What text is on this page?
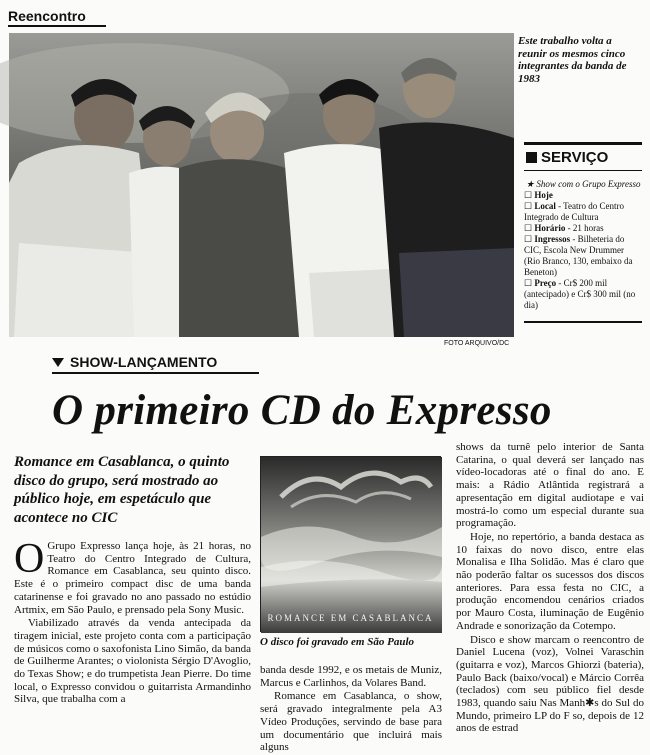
Reencontro
FOTO ARQUIVO/DC
Este trabalho volta a reunir os mesmos cinco integrantes da banda de 1983
SERVIÇO
★ Show com o Grupo Expresso
☐ Hoje
☐ Local - Teatro do Centro Integrado de Cultura
☐ Horário - 21 horas
☐ Ingressos - Bilheteria do CIC, Escola New Drummer (Rio Branco, 130, embaixo da Beneton)
☐ Preço - Cr$ 200 mil (antecipado) e Cr$ 300 mil (no dia)
SHOW-LANÇAMENTO
O primeiro CD do Expresso
Romance em Casablanca, o quinto disco do grupo, será mostrado ao público hoje, em espetáculo que acontece no CIC

O Grupo Expresso lança hoje, às 21 horas, no Teatro do Centro Integrado de Cultura, Romance em Casablanca, seu quinto disco. Este é o primeiro compact disc de uma banda catarinense e foi gravado no ano passado no estúdio Artmix, em São Paulo, e prensado pela Sony Music.

Viabilizado através da venda antecipada da tiragem inicial, este projeto conta com a participação de músicos como o saxofonista Lino Simão, da banda de Guilherme Arantes; o violonista Sérgio D'Avoglio, do Texas Show; e do trumpetista Jean Pierre. Do time local, o Expresso convidou o guitarrista Armandinho Silva, que trabalha com a

ROMANCE EM CASABLANCA
O disco foi gravado em São Paulo

banda desde 1992, e os metais de Muniz, Marcus e Carlinhos, da Volares Band.

Romance em Casablanca, o show, será gravado integralmente pela A3 Vídeo Produções, servindo de base para um documentário que incluirá mais alguns

shows da turnê pelo interior de Santa Catarina, o qual deverá ser lançado nas vídeo-locadoras até o final do ano. E mais: a Rádio Atlântida registrará a apresentação em digital audiotape e vai mostrá-lo como um especial durante sua programação.

Hoje, no repertório, a banda destaca as 10 faixas do novo disco, entre elas Monalisa e Ilha Solidão. Mas é claro que não poderão faltar os sucessos dos discos anteriores. Para essa festa no CIC, a produção encomendou cenários criados por Mauro Costa, iluminação de Eugênio Andrade e sonorização da Cotempo.

Disco e show marcam o reencontro de Daniel Lucena (voz), Volnei Varaschin (guitarra e voz), Marcos Ghiorzi (bateria), Paulo Back (baixo/vocal) e Márcio Corrêa (teclados) com seu público fiel desde 1983, quando saiu Nas Manh✱s do Sul do Mundo, primeiro LP do F so, depois de 12 anos de estrad
